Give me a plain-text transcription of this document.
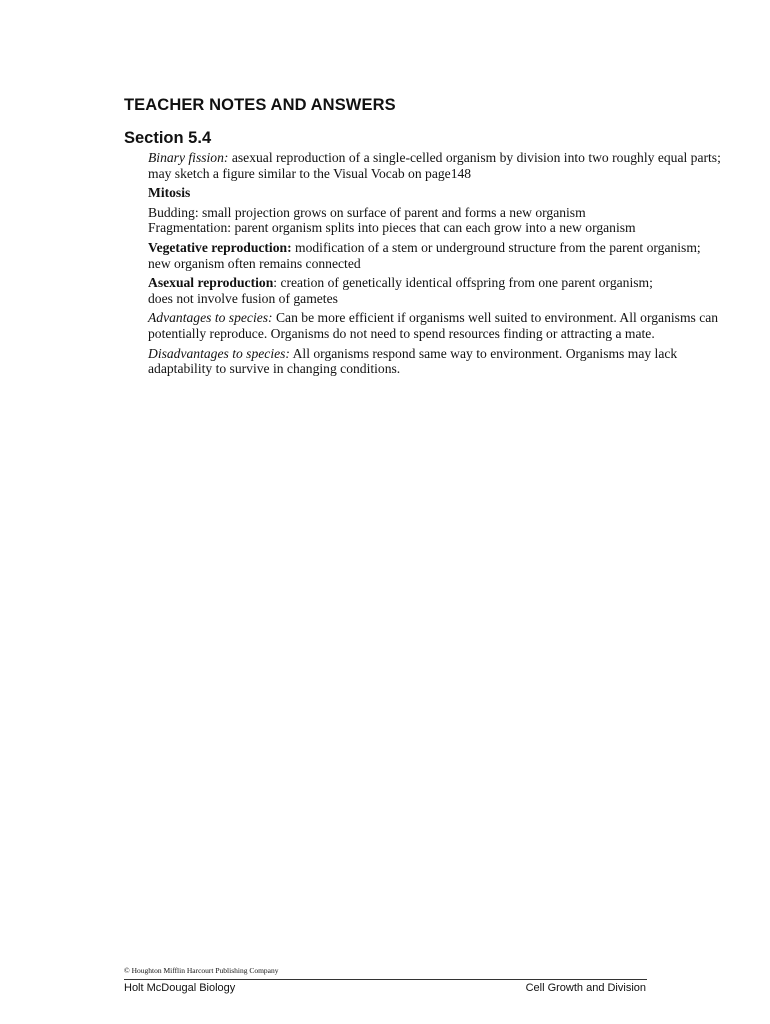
TEACHER NOTES AND ANSWERS
Section 5.4
Binary fission: asexual reproduction of a single-celled organism by division into two roughly equal parts; may sketch a figure similar to the Visual Vocab on page148
Mitosis
Budding: small projection grows on surface of parent and forms a new organism
Fragmentation: parent organism splits into pieces that can each grow into a new organism
Vegetative reproduction: modification of a stem or underground structure from the parent organism; new organism often remains connected
Asexual reproduction: creation of genetically identical offspring from one parent organism; does not involve fusion of gametes
Advantages to species: Can be more efficient if organisms well suited to environment. All organisms can potentially reproduce. Organisms do not need to spend resources finding or attracting a mate.
Disadvantages to species: All organisms respond same way to environment. Organisms may lack adaptability to survive in changing conditions.
© Houghton Mifflin Harcourt Publishing Company
Holt McDougal Biology	Cell Growth and Division
